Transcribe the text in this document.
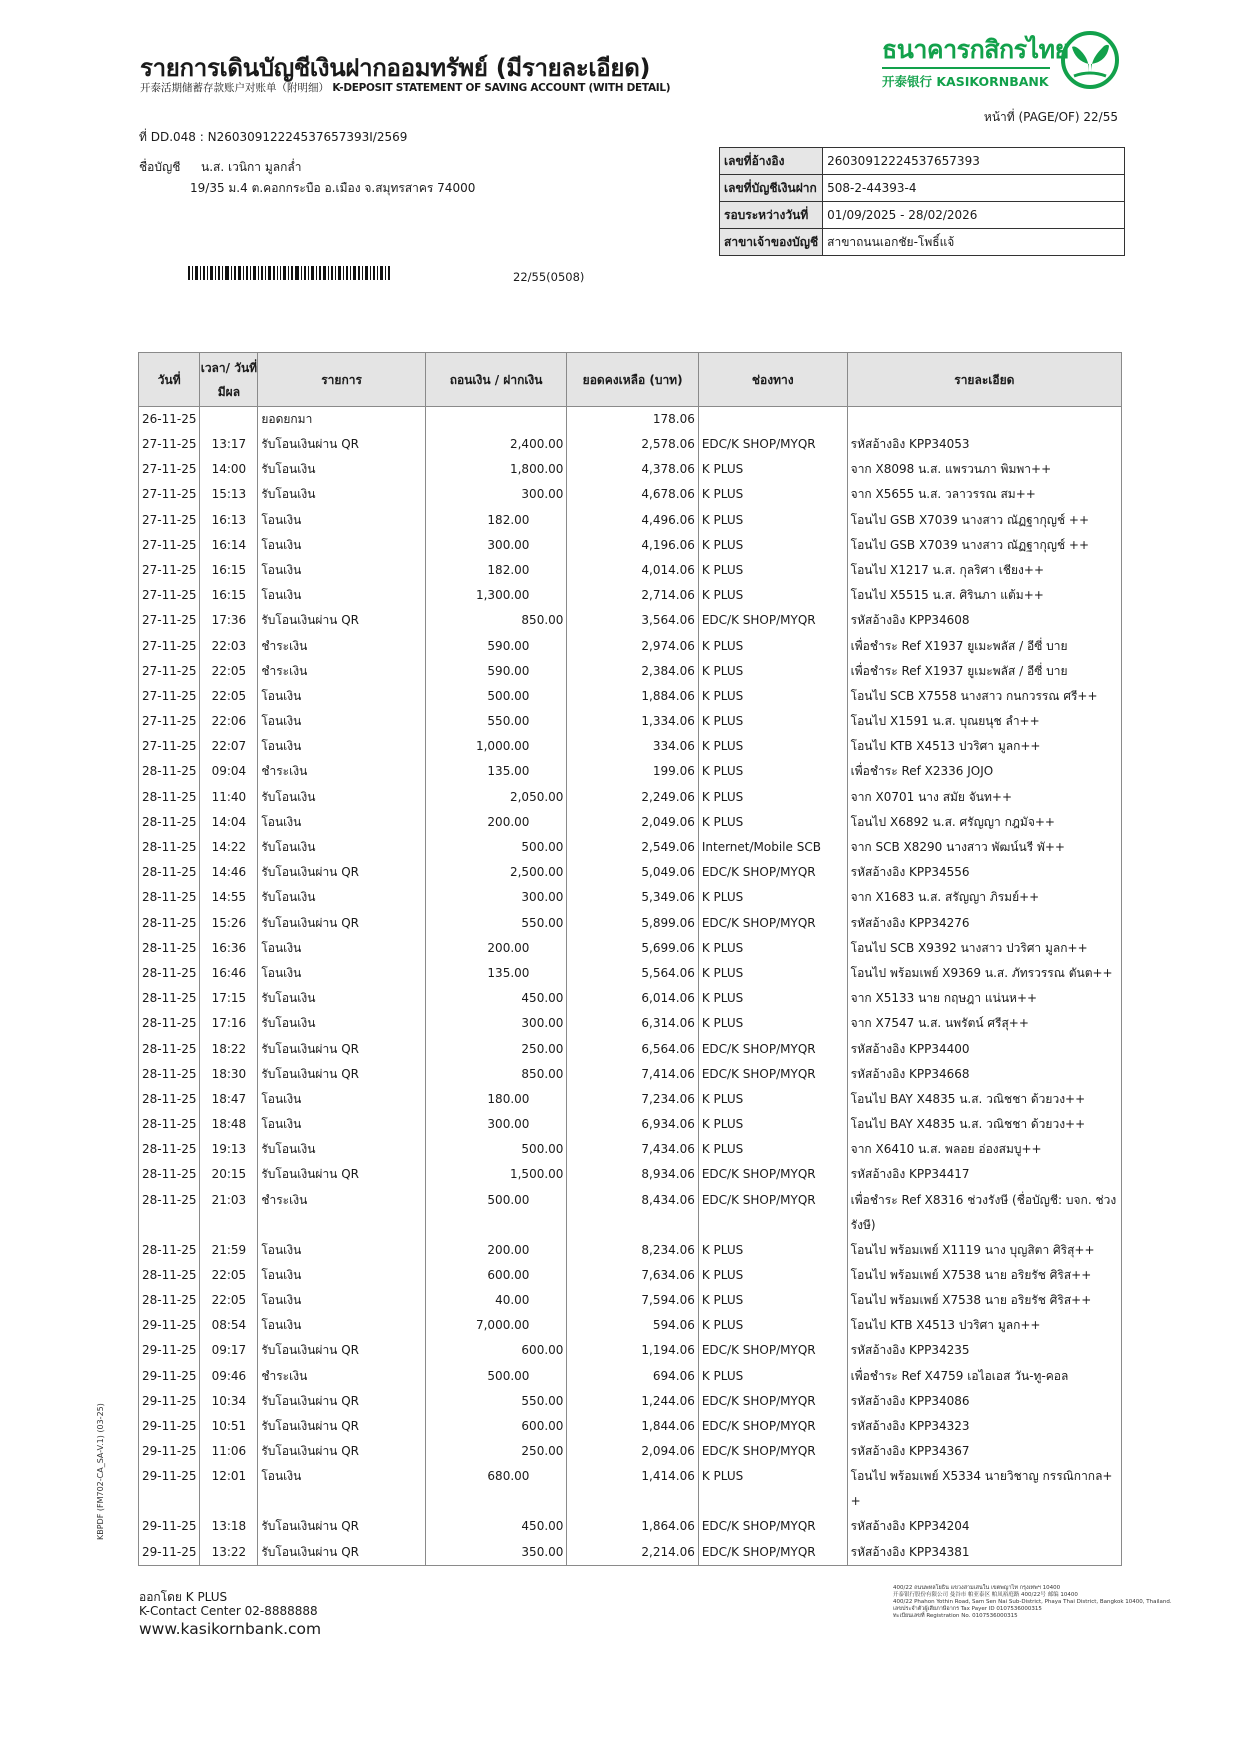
รายการเดินบัญชีเงินฝากออมทรัพย์ (มีรายละเอียด)
开泰活期储蓄存款账户对账单（附明细） K-DEPOSIT STATEMENT OF SAVING ACCOUNT (WITH DETAIL)
ธนาคารกสิกรไทย
开泰银行 KASIKORNBANK
หน้าที่ (PAGE/OF) 22/55
ที่ DD.048 : N26030912224537657393I/2569
ชื่อบัญชี น.ส. เวนิกา มูลกล่ำ
19/35 ม.4 ต.คอกกระบือ อ.เมือง จ.สมุทรสาคร 74000
22/55(0508)
เลขที่อ้างอิง	26030912224537657393
เลขที่บัญชีเงินฝาก	508-2-44393-4
รอบระหว่างวันที่	01/09/2025 - 28/02/2026
สาขาเจ้าของบัญชี	สาขาถนนเอกชัย-โพธิ์แจ้
วันที่	เวลา/ วันที่มีผล	รายการ	ถอนเงิน / ฝากเงิน	ยอดคงเหลือ (บาท)	ช่องทาง	รายละเอียด
26-11-25		ยอดยกมา		178.06		
27-11-25	13:17	รับโอนเงินผ่าน QR	2,400.00	2,578.06	EDC/K SHOP/MYQR	รหัสอ้างอิง KPP34053
27-11-25	14:00	รับโอนเงิน	1,800.00	4,378.06	K PLUS	จาก X8098 น.ส. แพรวนภา พิมพา++
27-11-25	15:13	รับโอนเงิน	300.00	4,678.06	K PLUS	จาก X5655 น.ส. วลาวรรณ สม++
27-11-25	16:13	โอนเงิน	182.00	4,496.06	K PLUS	โอนไป GSB X7039 นางสาว ณัฏฐากุญช์ ++
27-11-25	16:14	โอนเงิน	300.00	4,196.06	K PLUS	โอนไป GSB X7039 นางสาว ณัฏฐากุญช์ ++
27-11-25	16:15	โอนเงิน	182.00	4,014.06	K PLUS	โอนไป X1217 น.ส. กุลริศา เชียง++
27-11-25	16:15	โอนเงิน	1,300.00	2,714.06	K PLUS	โอนไป X5515 น.ส. ศิรินภา แต้ม++
27-11-25	17:36	รับโอนเงินผ่าน QR	850.00	3,564.06	EDC/K SHOP/MYQR	รหัสอ้างอิง KPP34608
27-11-25	22:03	ชำระเงิน	590.00	2,974.06	K PLUS	เพื่อชำระ Ref X1937 ยูเมะพลัส / อีซี่ บาย
27-11-25	22:05	ชำระเงิน	590.00	2,384.06	K PLUS	เพื่อชำระ Ref X1937 ยูเมะพลัส / อีซี่ บาย
27-11-25	22:05	โอนเงิน	500.00	1,884.06	K PLUS	โอนไป SCB X7558 นางสาว กนกวรรณ ศรี++
27-11-25	22:06	โอนเงิน	550.00	1,334.06	K PLUS	โอนไป X1591 น.ส. บุณยนุช ลำ++
27-11-25	22:07	โอนเงิน	1,000.00	334.06	K PLUS	โอนไป KTB X4513 ปวริศา มูลก++
28-11-25	09:04	ชำระเงิน	135.00	199.06	K PLUS	เพื่อชำระ Ref X2336 JOJO
28-11-25	11:40	รับโอนเงิน	2,050.00	2,249.06	K PLUS	จาก X0701 นาง สมัย จันท++
28-11-25	14:04	โอนเงิน	200.00	2,049.06	K PLUS	โอนไป X6892 น.ส. ศรัญญา กฎมัจ++
28-11-25	14:22	รับโอนเงิน	500.00	2,549.06	Internet/Mobile SCB	จาก SCB X8290 นางสาว พัฒน์นรี พั++
28-11-25	14:46	รับโอนเงินผ่าน QR	2,500.00	5,049.06	EDC/K SHOP/MYQR	รหัสอ้างอิง KPP34556
28-11-25	14:55	รับโอนเงิน	300.00	5,349.06	K PLUS	จาก X1683 น.ส. สรัญญา ภิรมย์++
28-11-25	15:26	รับโอนเงินผ่าน QR	550.00	5,899.06	EDC/K SHOP/MYQR	รหัสอ้างอิง KPP34276
28-11-25	16:36	โอนเงิน	200.00	5,699.06	K PLUS	โอนไป SCB X9392 นางสาว ปวริศา มูลก++
28-11-25	16:46	โอนเงิน	135.00	5,564.06	K PLUS	โอนไป พร้อมเพย์ X9369 น.ส. ภัทรวรรณ ตันต++
28-11-25	17:15	รับโอนเงิน	450.00	6,014.06	K PLUS	จาก X5133 นาย กฤษฎา แน่นห++
28-11-25	17:16	รับโอนเงิน	300.00	6,314.06	K PLUS	จาก X7547 น.ส. นพรัตน์ ศรีสุ++
28-11-25	18:22	รับโอนเงินผ่าน QR	250.00	6,564.06	EDC/K SHOP/MYQR	รหัสอ้างอิง KPP34400
28-11-25	18:30	รับโอนเงินผ่าน QR	850.00	7,414.06	EDC/K SHOP/MYQR	รหัสอ้างอิง KPP34668
28-11-25	18:47	โอนเงิน	180.00	7,234.06	K PLUS	โอนไป BAY X4835 น.ส. วณิชชา ด้วยวง++
28-11-25	18:48	โอนเงิน	300.00	6,934.06	K PLUS	โอนไป BAY X4835 น.ส. วณิชชา ด้วยวง++
28-11-25	19:13	รับโอนเงิน	500.00	7,434.06	K PLUS	จาก X6410 น.ส. พลอย อ่องสมบู++
28-11-25	20:15	รับโอนเงินผ่าน QR	1,500.00	8,934.06	EDC/K SHOP/MYQR	รหัสอ้างอิง KPP34417
28-11-25	21:03	ชำระเงิน	500.00	8,434.06	EDC/K SHOP/MYQR	เพื่อชำระ Ref X8316 ช่วงรังษี (ชื่อบัญชี: บจก. ช่วงรังษี)
28-11-25	21:59	โอนเงิน	200.00	8,234.06	K PLUS	โอนไป พร้อมเพย์ X1119 นาง บุญสิตา ศิริสุ++
28-11-25	22:05	โอนเงิน	600.00	7,634.06	K PLUS	โอนไป พร้อมเพย์ X7538 นาย อริยรัช ศิริส++
28-11-25	22:05	โอนเงิน	40.00	7,594.06	K PLUS	โอนไป พร้อมเพย์ X7538 นาย อริยรัช ศิริส++
29-11-25	08:54	โอนเงิน	7,000.00	594.06	K PLUS	โอนไป KTB X4513 ปวริศา มูลก++
29-11-25	09:17	รับโอนเงินผ่าน QR	600.00	1,194.06	EDC/K SHOP/MYQR	รหัสอ้างอิง KPP34235
29-11-25	09:46	ชำระเงิน	500.00	694.06	K PLUS	เพื่อชำระ Ref X4759 เอไอเอส วัน-ทู-คอล
29-11-25	10:34	รับโอนเงินผ่าน QR	550.00	1,244.06	EDC/K SHOP/MYQR	รหัสอ้างอิง KPP34086
29-11-25	10:51	รับโอนเงินผ่าน QR	600.00	1,844.06	EDC/K SHOP/MYQR	รหัสอ้างอิง KPP34323
29-11-25	11:06	รับโอนเงินผ่าน QR	250.00	2,094.06	EDC/K SHOP/MYQR	รหัสอ้างอิง KPP34367
29-11-25	12:01	โอนเงิน	680.00	1,414.06	K PLUS	โอนไป พร้อมเพย์ X5334 นายวิชาญ กรรณิกากล+ +
29-11-25	13:18	รับโอนเงินผ่าน QR	450.00	1,864.06	EDC/K SHOP/MYQR	รหัสอ้างอิง KPP34204
29-11-25	13:22	รับโอนเงินผ่าน QR	350.00	2,214.06	EDC/K SHOP/MYQR	รหัสอ้างอิง KPP34381
KBPDF (FM702-CA_SA-V.1) (03-25)
ออกโดย K PLUS
K-Contact Center 02-8888888
www.kasikornbank.com
400/22 ถนนพหลโยธิน แขวงสามเสนใน เขตพญาไท กรุงเทพฯ 10400
开泰银行股份有限公司 曼谷市 帕亚泰区 帕凤裕庭路 400/22号 邮编 10400
400/22 Phahon Yothin Road, Sam Sen Nai Sub-District, Phaya Thai District, Bangkok 10400, Thailand.
เลขประจำตัวผู้เสียภาษีอากร Tax Payer ID 0107536000315
ทะเบียนเลขที่ Registration No. 0107536000315
